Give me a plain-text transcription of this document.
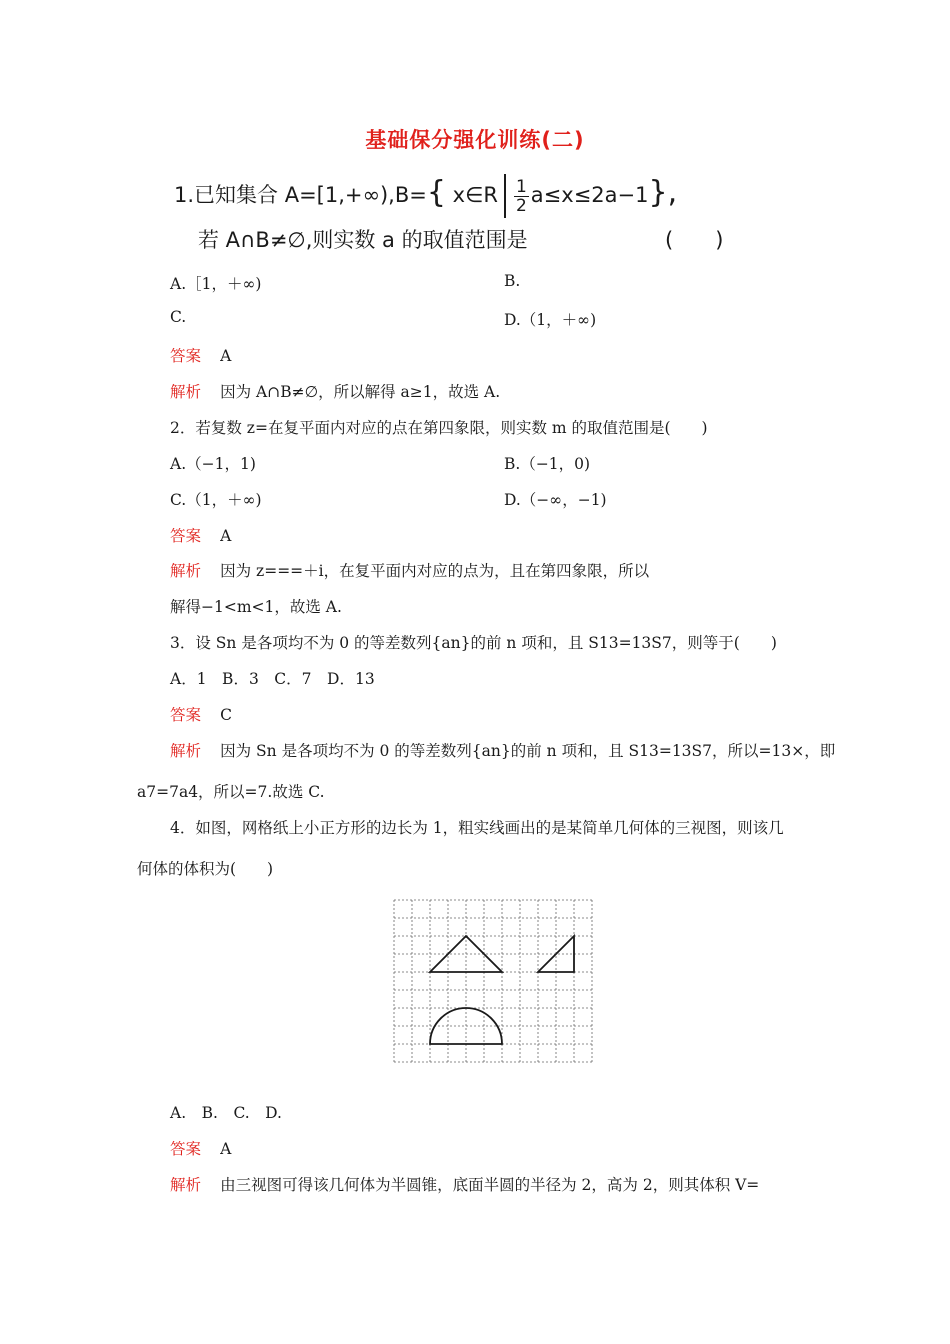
基础保分强化训练(二)
1.已知集合 A=[1,+∞),B={ x∈R $\frac{1}{2} a\le x\le 2a-1$},
若 A∩B≠∅,则实数 a 的取值范围是	(　　)
A.［1，＋∞)	B.
C.	D.（1，＋∞)
答案 A
解析 因为 A∩B≠∅，所以解得 a≥1，故选 A.
2．若复数 z=在复平面内对应的点在第四象限，则实数 m 的取值范围是(　　)
A.（−1，1)	B.（−1，0)
C.（1，＋∞)	D.（−∞，−1)
答案 A
解析 因为 z===＋i，在复平面内对应的点为，且在第四象限，所以
解得−1<m<1，故选 A.
3．设 Sn 是各项均不为 0 的等差数列{an}的前 n 项和，且 S13=13S7，则等于(　　)
A．1　B．3　C．7　D．13
答案 C
解析 因为 Sn 是各项均不为 0 的等差数列{an}的前 n 项和，且 S13=13S7，所以=13×，即
a7=7a4，所以=7.故选 C.
4．如图，网格纸上小正方形的边长为 1，粗实线画出的是某简单几何体的三视图，则该几
何体的体积为(　　)
A.　B.　C.　D.
答案 A
解析 由三视图可得该几何体为半圆锥，底面半圆的半径为 2，高为 2，则其体积 V=
